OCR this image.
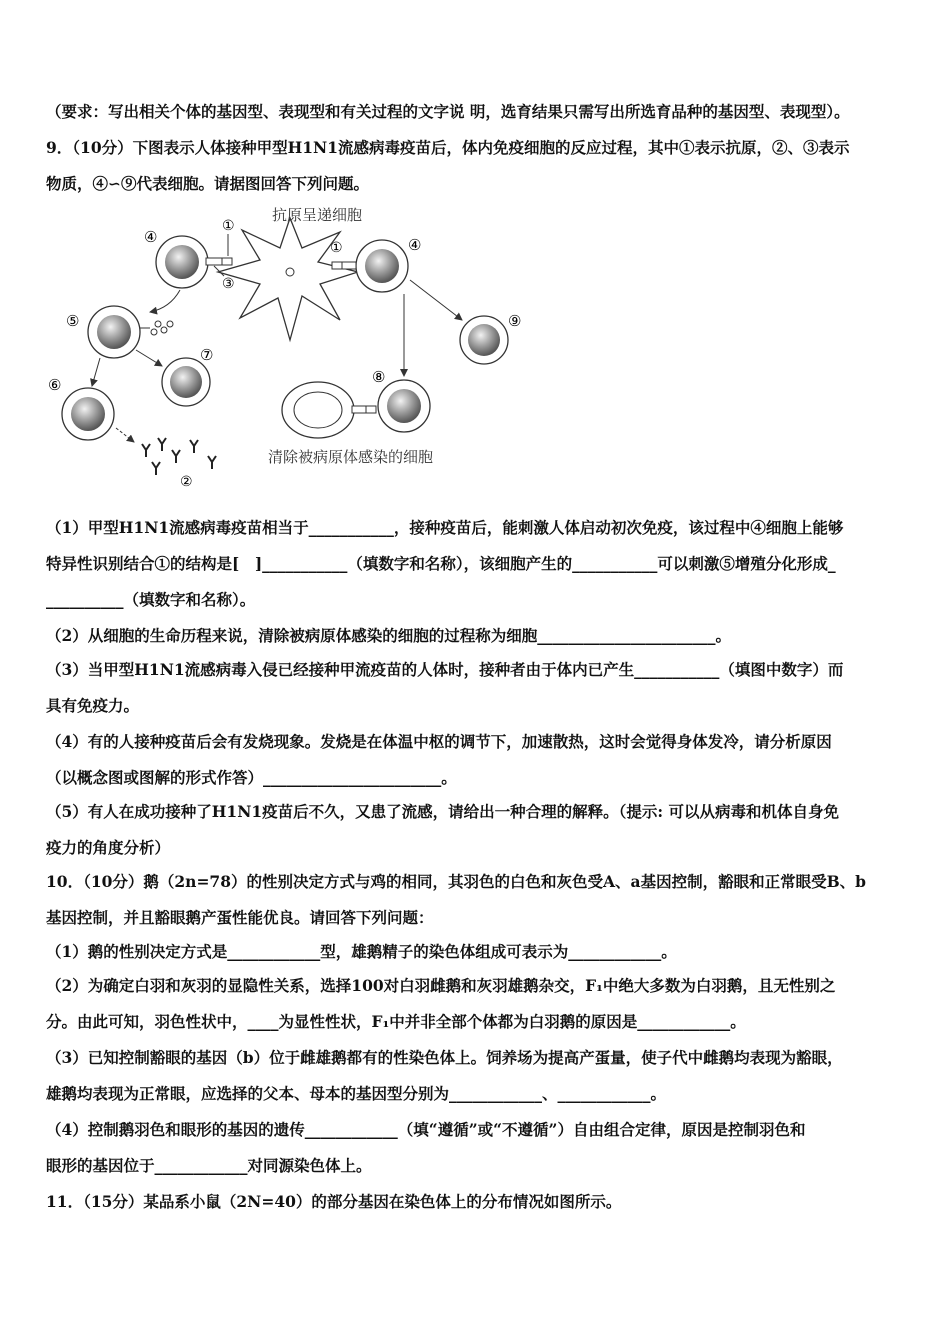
（要求：写出相关个体的基因型、表现型和有关过程的文字说 明，选育结果只需写出所选育品种的基因型、表现型）。
9．（10分）下图表示人体接种甲型H1N1流感病毒疫苗后，体内免疫细胞的反应过程，其中①表示抗原，②、③表示
物质，④∽⑨代表细胞。请据图回答下列问题。
抗原呈递细胞
④
①
③
④
①
⑤
⑦
⑥
②
⑨
⑧
清除被病原体感染的细胞
（1）甲型H1N1流感病毒疫苗相当于___________，接种疫苗后，能刺激人体启动初次免疫，该过程中④细胞上能够
特异性识别结合①的结构是[　]___________（填数字和名称），该细胞产生的___________可以刺激⑤增殖分化形成_
__________（填数字和名称）。
（2）从细胞的生命历程来说，清除被病原体感染的细胞的过程称为细胞_______________________。
（3）当甲型H1N1流感病毒入侵已经接种甲流疫苗的人体时，接种者由于体内已产生___________（填图中数字）而
具有免疫力。
（4）有的人接种疫苗后会有发烧现象。发烧是在体温中枢的调节下，加速散热，这时会觉得身体发冷，请分析原因
（以概念图或图解的形式作答）_______________________。
（5）有人在成功接种了H1N1疫苗后不久，又患了流感，请给出一种合理的解释。（提示: 可以从病毒和机体自身免
疫力的角度分析）
10．（10分）鹅（2n=78）的性别决定方式与鸡的相同，其羽色的白色和灰色受A、a基因控制，豁眼和正常眼受B、b
基因控制，并且豁眼鹅产蛋性能优良。请回答下列问题：
（1）鹅的性别决定方式是____________型，雄鹅精子的染色体组成可表示为____________。
（2）为确定白羽和灰羽的显隐性关系，选择100对白羽雌鹅和灰羽雄鹅杂交，F₁中绝大多数为白羽鹅，且无性别之
分。由此可知，羽色性状中，____为显性性状，F₁中并非全部个体都为白羽鹅的原因是____________。
（3）已知控制豁眼的基因（b）位于雌雄鹅都有的性染色体上。饲养场为提高产蛋量，使子代中雌鹅均表现为豁眼，
雄鹅均表现为正常眼，应选择的父本、母本的基因型分别为____________、____________。
（4）控制鹅羽色和眼形的基因的遗传____________（填“遵循”或“不遵循”）自由组合定律，原因是控制羽色和
眼形的基因位于____________对同源染色体上。
11．（15分）某品系小鼠（2N=40）的部分基因在染色体上的分布情况如图所示。
